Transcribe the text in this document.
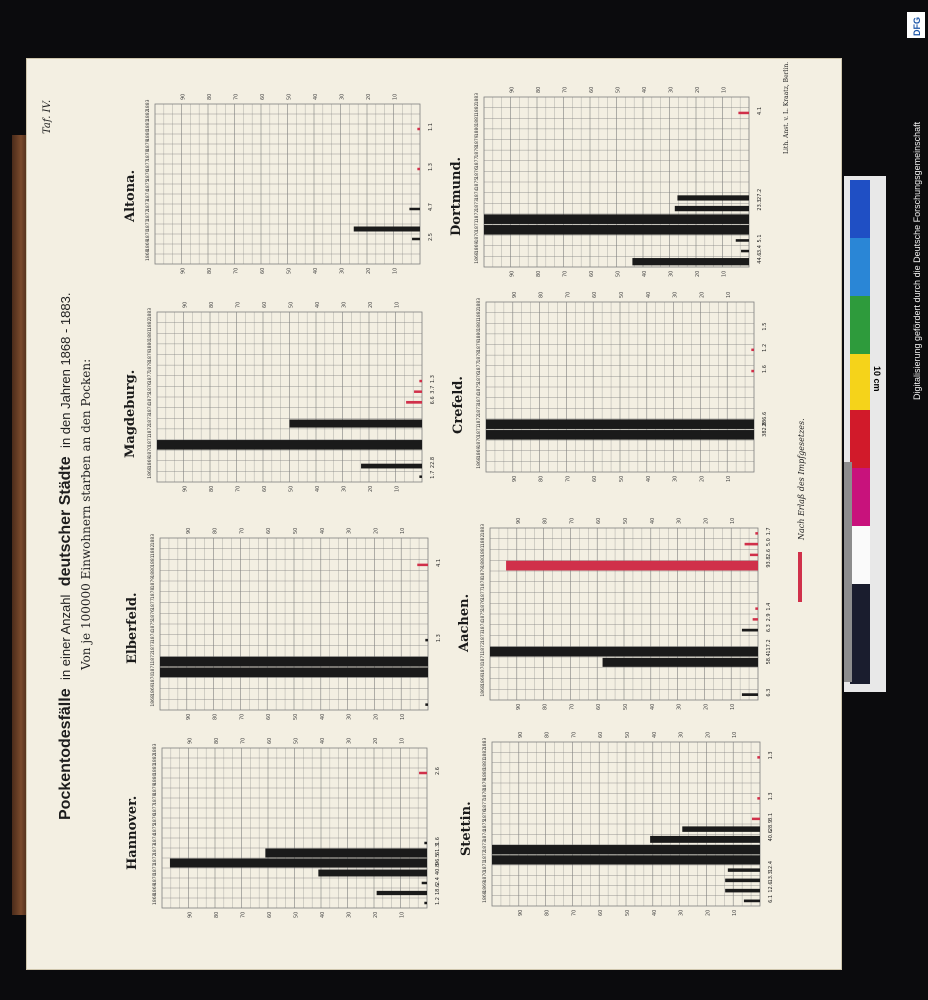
Taf. IV.
Pockentodesfälle in einer Anzahl deutscher Städte in den Jahren 1868 - 1883. Von je 100000 Einwohnern starben an den Pocken:
Lith. Anst. v. L. Kraatz, Berlin.
Nach Erlaß des Impfgesetzes.
10
10
20
20
30
30
40
40
50
50
60
60
70
70
80
80
90
90
1868
1869
1870	2.5
1871
1872
1873	4.7
1874
1875
1876
1877	1.3
1878
1879
1880
1881	1.1
1882
1883
Altona.
10
10
20
20
30
30
40
40
50
50
60
60
70
70
80
80
90
90
1868	44.6
1869	3.4
1870	5.1
1871
1872
1873	23.3
1874	27.2
1875
1876
1877
1878
1879
1880
1881
1882	4.1
1883
Dortmund.
10
10
20
20
30
30
40
40
50
50
60
60
70
70
80
80
90
90
1868	1.7
1869	22.8
1870
1871
1872
1873
1874
1875	6.6
1876	3.7
1877	1.3
1878
1879
1880
1881
1882
1883
Magdeburg.
10
10
20
20
30
30
40
40
50
50
60
60
70
70
80
80
90
90
1868
1869
1870
1871	382.8
1872	286.6
1873
1874
1875
1876
1877	1.6
1878
1879	1.2
1880
1881	1.5
1882
1883
Crefeld.
10
10
20
20
30
30
40
40
50
50
60
60
70
70
80
80
90
90
1868
1869
1870
1871
1872
1873
1874	1.3
1875
1876
1877
1878
1879
1880
1881	4.1
1882
1883
Elberfeld.
10
10
20
20
30
30
40
40
50
50
60
60
70
70
80
80
90
90
1868	6.3
1869
1870
1871	58.4
1872	117.2
1873
1874	6.3
1875	2.9
1876	1.4
1877
1878
1879
1880	93.8
1881	2.6
1882	5.0
1883	1.7
Aachen.
10
10
20
20
30
30
40
40
50
50
60
60
70
70
80
80
90
90
1868	1.2
1869	18.6
1870	2.4
1871	40.8
1872	96.5
1873	61.3
1874	1.6
1875
1876
1877
1878
1879
1880
1881	2.6
1882
1883
Hannover.
10
10
20
20
30
30
40
40
50
50
60
60
70
70
80
80
90
90
1868	6.1
1869	12.6
1870	13.3
1871	12.4
1872
1873
1874	40.6
1875	28.9
1876	3.1
1877
1878	1.3
1879
1880
1881
1882	1.3
1883
Stettin.
10 cm
DFG
Digitalisierung gefördert durch die Deutsche Forschungsgemeinschaft
